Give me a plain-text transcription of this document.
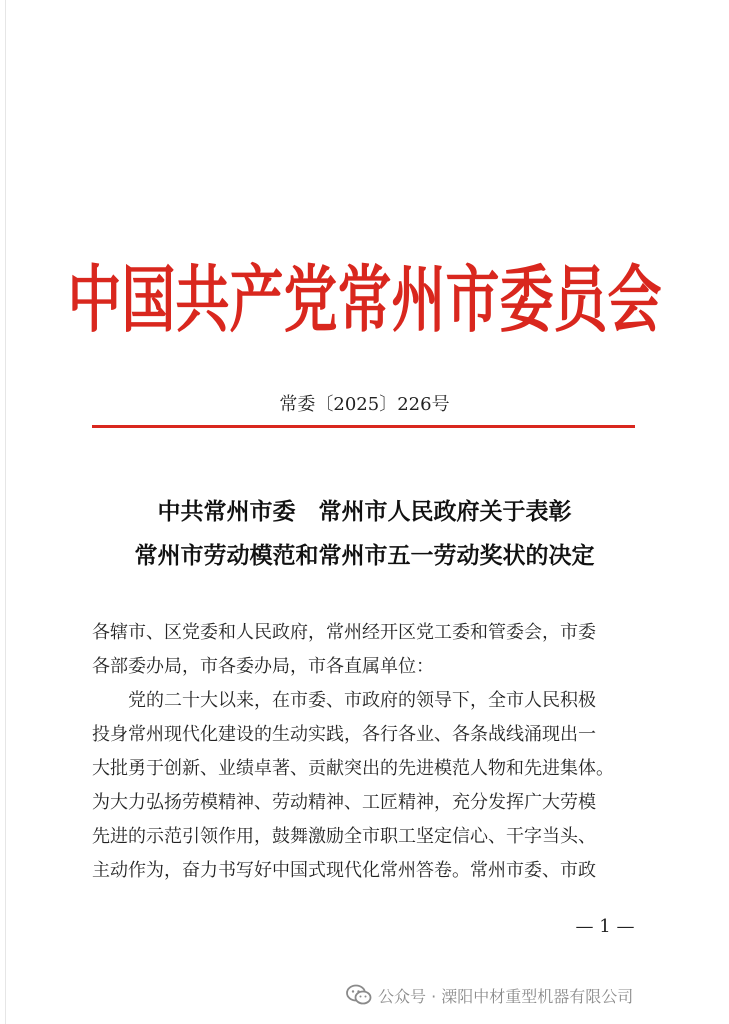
中国共产党常州市委员会
常委〔2025〕226号
中共常州市委　常州市人民政府关于表彰
常州市劳动模范和常州市五一劳动奖状的决定
各辖市、区党委和人民政府，常州经开区党工委和管委会，市委
各部委办局，市各委办局，市各直属单位：
　　党的二十大以来，在市委、市政府的领导下，全市人民积极
投身常州现代化建设的生动实践，各行各业、各条战线涌现出一
大批勇于创新、业绩卓著、贡献突出的先进模范人物和先进集体。
为大力弘扬劳模精神、劳动精神、工匠精神，充分发挥广大劳模
先进的示范引领作用，鼓舞激励全市职工坚定信心、干字当头、
主动作为，奋力书写好中国式现代化常州答卷。常州市委、市政
— 1 —
公众号 · 溧阳中材重型机器有限公司
